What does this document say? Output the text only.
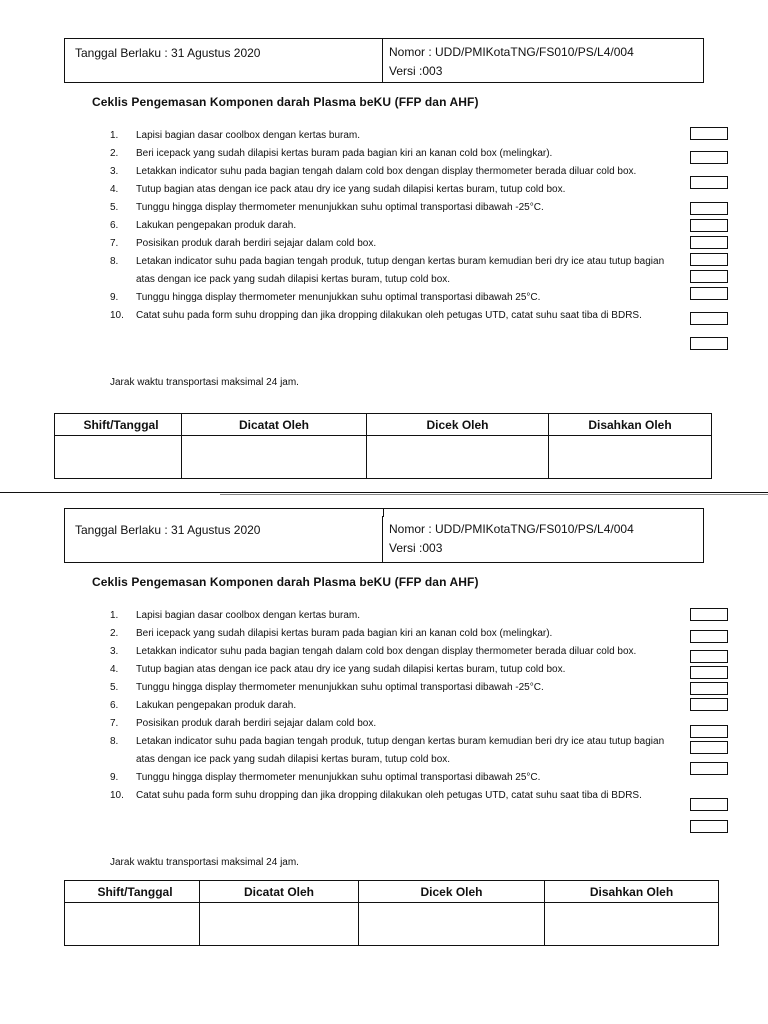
Tanggal Berlaku : 31 Agustus 2020	Nomor : UDD/PMIKotaTNG/FS010/PS/L4/004
Versi :003
Ceklis Pengemasan Komponen darah Plasma beKU (FFP dan AHF)
1.	Lapisi bagian dasar coolbox dengan kertas buram.
2.	Beri icepack yang sudah dilapisi kertas buram pada bagian kiri an kanan cold box (melingkar).
3.	Letakkan indicator suhu pada bagian tengah dalam cold box dengan display thermometer berada diluar cold box.
4.	Tutup bagian atas dengan ice pack atau dry ice yang sudah dilapisi kertas buram, tutup cold box.
5.	Tunggu hingga display thermometer menunjukkan suhu optimal transportasi dibawah -25°C.
6.	Lakukan pengepakan produk darah.
7.	Posisikan produk darah berdiri sejajar dalam cold box.
8.	Letakan indicator suhu pada bagian tengah produk, tutup dengan kertas buram kemudian beri dry ice atau tutup bagian atas dengan ice pack yang sudah dilapisi kertas buram, tutup cold box.
9.	Tunggu hingga display thermometer menunjukkan suhu optimal transportasi dibawah 25°C.
10.	Catat suhu pada form suhu dropping dan jika dropping dilakukan oleh petugas UTD, catat suhu saat tiba di BDRS.
Jarak waktu transportasi maksimal 24 jam.
Shift/Tanggal	Dicatat Oleh	Dicek Oleh	Disahkan Oleh

Tanggal Berlaku : 31 Agustus 2020	Nomor : UDD/PMIKotaTNG/FS010/PS/L4/004
Versi :003
Ceklis Pengemasan Komponen darah Plasma beKU (FFP dan AHF)
1.	Lapisi bagian dasar coolbox dengan kertas buram.
2.	Beri icepack yang sudah dilapisi kertas buram pada bagian kiri an kanan cold box (melingkar).
3.	Letakkan indicator suhu pada bagian tengah dalam cold box dengan display thermometer berada diluar cold box.
4.	Tutup bagian atas dengan ice pack atau dry ice yang sudah dilapisi kertas buram, tutup cold box.
5.	Tunggu hingga display thermometer menunjukkan suhu optimal transportasi dibawah -25°C.
6.	Lakukan pengepakan produk darah.
7.	Posisikan produk darah berdiri sejajar dalam cold box.
8.	Letakan indicator suhu pada bagian tengah produk, tutup dengan kertas buram kemudian beri dry ice atau tutup bagian atas dengan ice pack yang sudah dilapisi kertas buram, tutup cold box.
9.	Tunggu hingga display thermometer menunjukkan suhu optimal transportasi dibawah 25°C.
10.	Catat suhu pada form suhu dropping dan jika dropping dilakukan oleh petugas UTD, catat suhu saat tiba di BDRS.
Jarak waktu transportasi maksimal 24 jam.
Shift/Tanggal	Dicatat Oleh	Dicek Oleh	Disahkan Oleh
